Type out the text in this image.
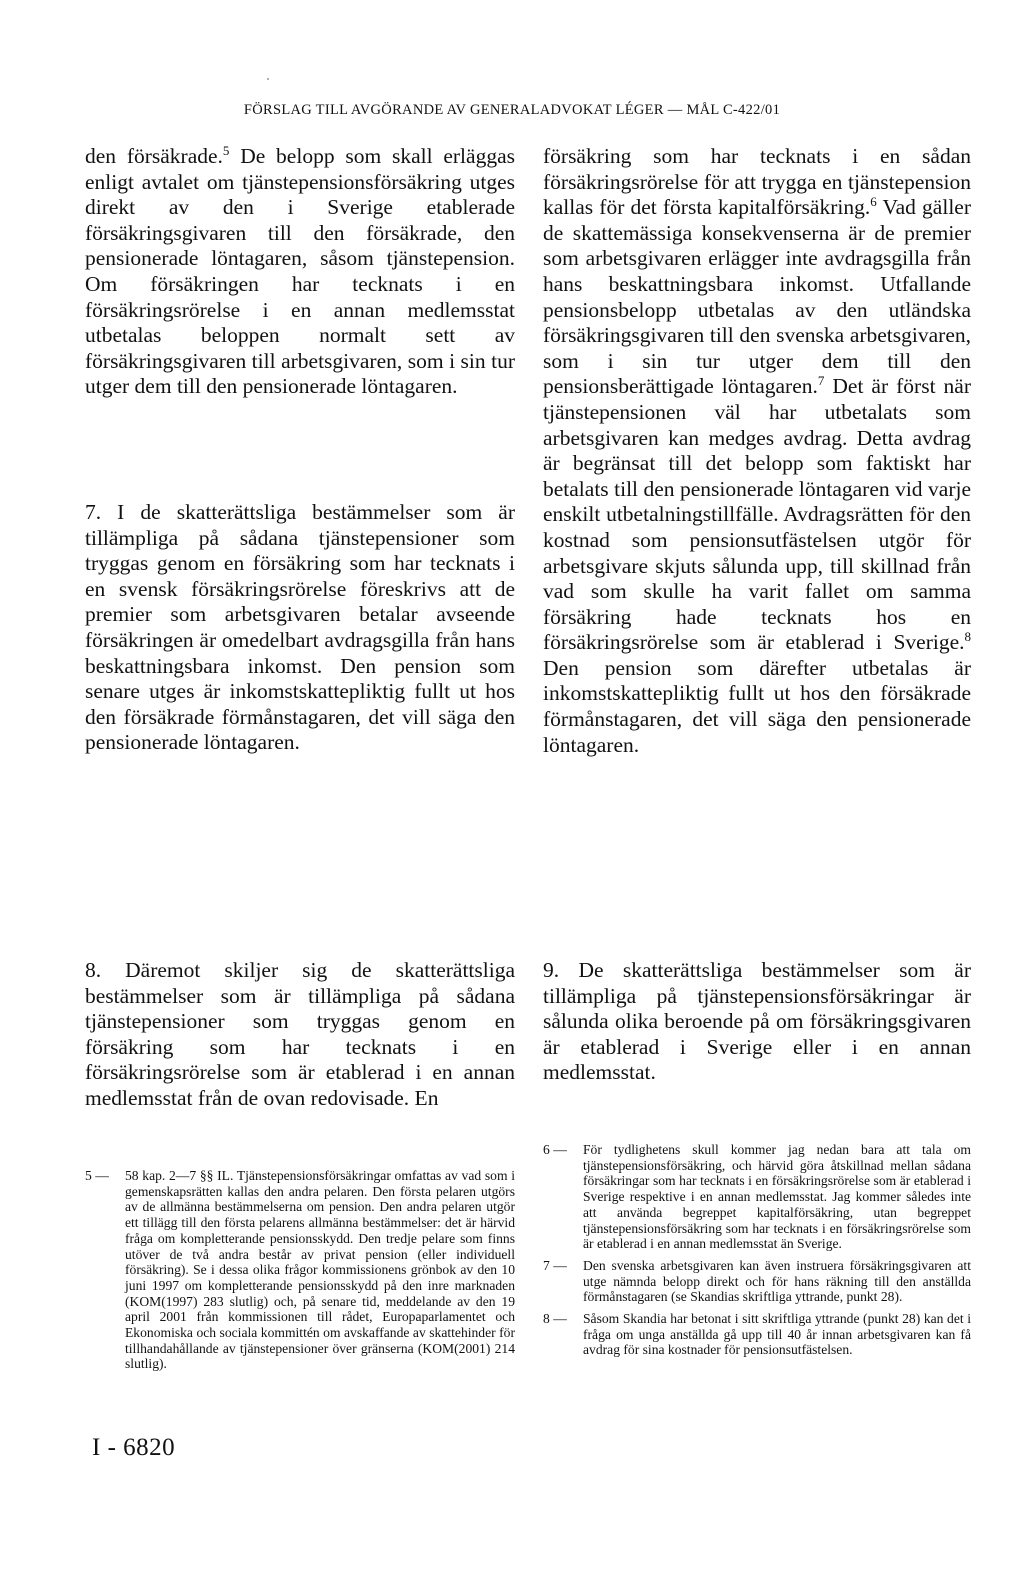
FÖRSLAG TILL AVGÖRANDE AV GENERALADVOKAT LÉGER — MÅL C-422/01

den försäkrade.$^5$ De belopp som skall erläggas enligt avtalet om tjänstepensionsförsäkring utges direkt av den i Sverige etablerade försäkringsgivaren till den försäkrade, den pensionerade löntagaren, såsom tjänstepension. Om försäkringen har tecknats i en försäkringsrörelse i en annan medlemsstat utbetalas beloppen normalt sett av försäkringsgivaren till arbetsgivaren, som i sin tur utger dem till den pensionerade löntagaren.

7. I de skatterättsliga bestämmelser som är tillämpliga på sådana tjänstepensioner som tryggas genom en försäkring som har tecknats i en svensk försäkringsrörelse föreskrivs att de premier som arbetsgivaren betalar avseende försäkringen är omedelbart avdragsgilla från hans beskattningsbara inkomst. Den pension som senare utges är inkomstskattepliktig fullt ut hos den försäkrade förmånstagaren, det vill säga den pensionerade löntagaren.

försäkring som har tecknats i en sådan försäkringsrörelse för att trygga en tjänstepension kallas för det första kapitalförsäkring.$^6$ Vad gäller de skattemässiga konsekvenserna är de premier som arbetsgivaren erlägger inte avdragsgilla från hans beskattningsbara inkomst. Utfallande pensionsbelopp utbetalas av den utländska försäkringsgivaren till den svenska arbetsgivaren, som i sin tur utger dem till den pensionsberättigade löntagaren.$^7$ Det är först när tjänstepensionen väl har utbetalats som arbetsgivaren kan medges avdrag. Detta avdrag är begränsat till det belopp som faktiskt har betalats till den pensionerade löntagaren vid varje enskilt utbetalningstillfälle. Avdragsrätten för den kostnad som pensionsutfästelsen utgör för arbetsgivare skjuts sålunda upp, till skillnad från vad som skulle ha varit fallet om samma försäkring hade tecknats hos en försäkringsrörelse som är etablerad i Sverige.$^8$ Den pension som därefter utbetalas är inkomstskattepliktig fullt ut hos den försäkrade förmånstagaren, det vill säga den pensionerade löntagaren.

8. Däremot skiljer sig de skatterättsliga bestämmelser som är tillämpliga på sådana tjänstepensioner som tryggas genom en försäkring som har tecknats i en försäkringsrörelse som är etablerad i en annan medlemsstat från de ovan redovisade. En
9. De skatterättsliga bestämmelser som är tillämpliga på tjänstepensionsförsäkringar är sålunda olika beroende på om försäkringsgivaren är etablerad i Sverige eller i en annan medlemsstat.
5 —	58 kap. 2—7 §§ IL. Tjänstepensionsförsäkringar omfattas av vad som i gemenskapsrätten kallas den andra pelaren. Den första pelaren utgörs av de allmänna bestämmelserna om pension. Den andra pelaren utgör ett tillägg till den första pelarens allmänna bestämmelser: det är härvid fråga om kompletterande pensionsskydd. Den tredje pelare som finns utöver de två andra består av privat pension (eller individuell försäkring). Se i dessa olika frågor kommissionens grönbok av den 10 juni 1997 om kompletterande pensionsskydd på den inre marknaden (KOM(1997) 283 slutlig) och, på senare tid, meddelande av den 19 april 2001 från kommissionen till rådet, Europaparlamentet och Ekonomiska och sociala kommittén om avskaffande av skattehinder för tillhandahållande av tjänstepensioner över gränserna (KOM(2001) 214 slutlig).
6 —	För tydlighetens skull kommer jag nedan bara att tala om tjänstepensionsförsäkring, och härvid göra åtskillnad mellan sådana försäkringar som har tecknats i en försäkringsrörelse som är etablerad i Sverige respektive i en annan medlemsstat. Jag kommer således inte att använda begreppet kapitalförsäkring, utan begreppet tjänstepensionsförsäkring som har tecknats i en försäkringsrörelse som är etablerad i en annan medlemsstat än Sverige.
7 —	Den svenska arbetsgivaren kan även instruera försäkringsgivaren att utge nämnda belopp direkt och för hans räkning till den anställda förmånstagaren (se Skandias skriftliga yttrande, punkt 28).
8 —	Såsom Skandia har betonat i sitt skriftliga yttrande (punkt 28) kan det i fråga om unga anställda gå upp till 40 år innan arbetsgivaren kan få avdrag för sina kostnader för pensionsutfästelsen.
I - 6820
